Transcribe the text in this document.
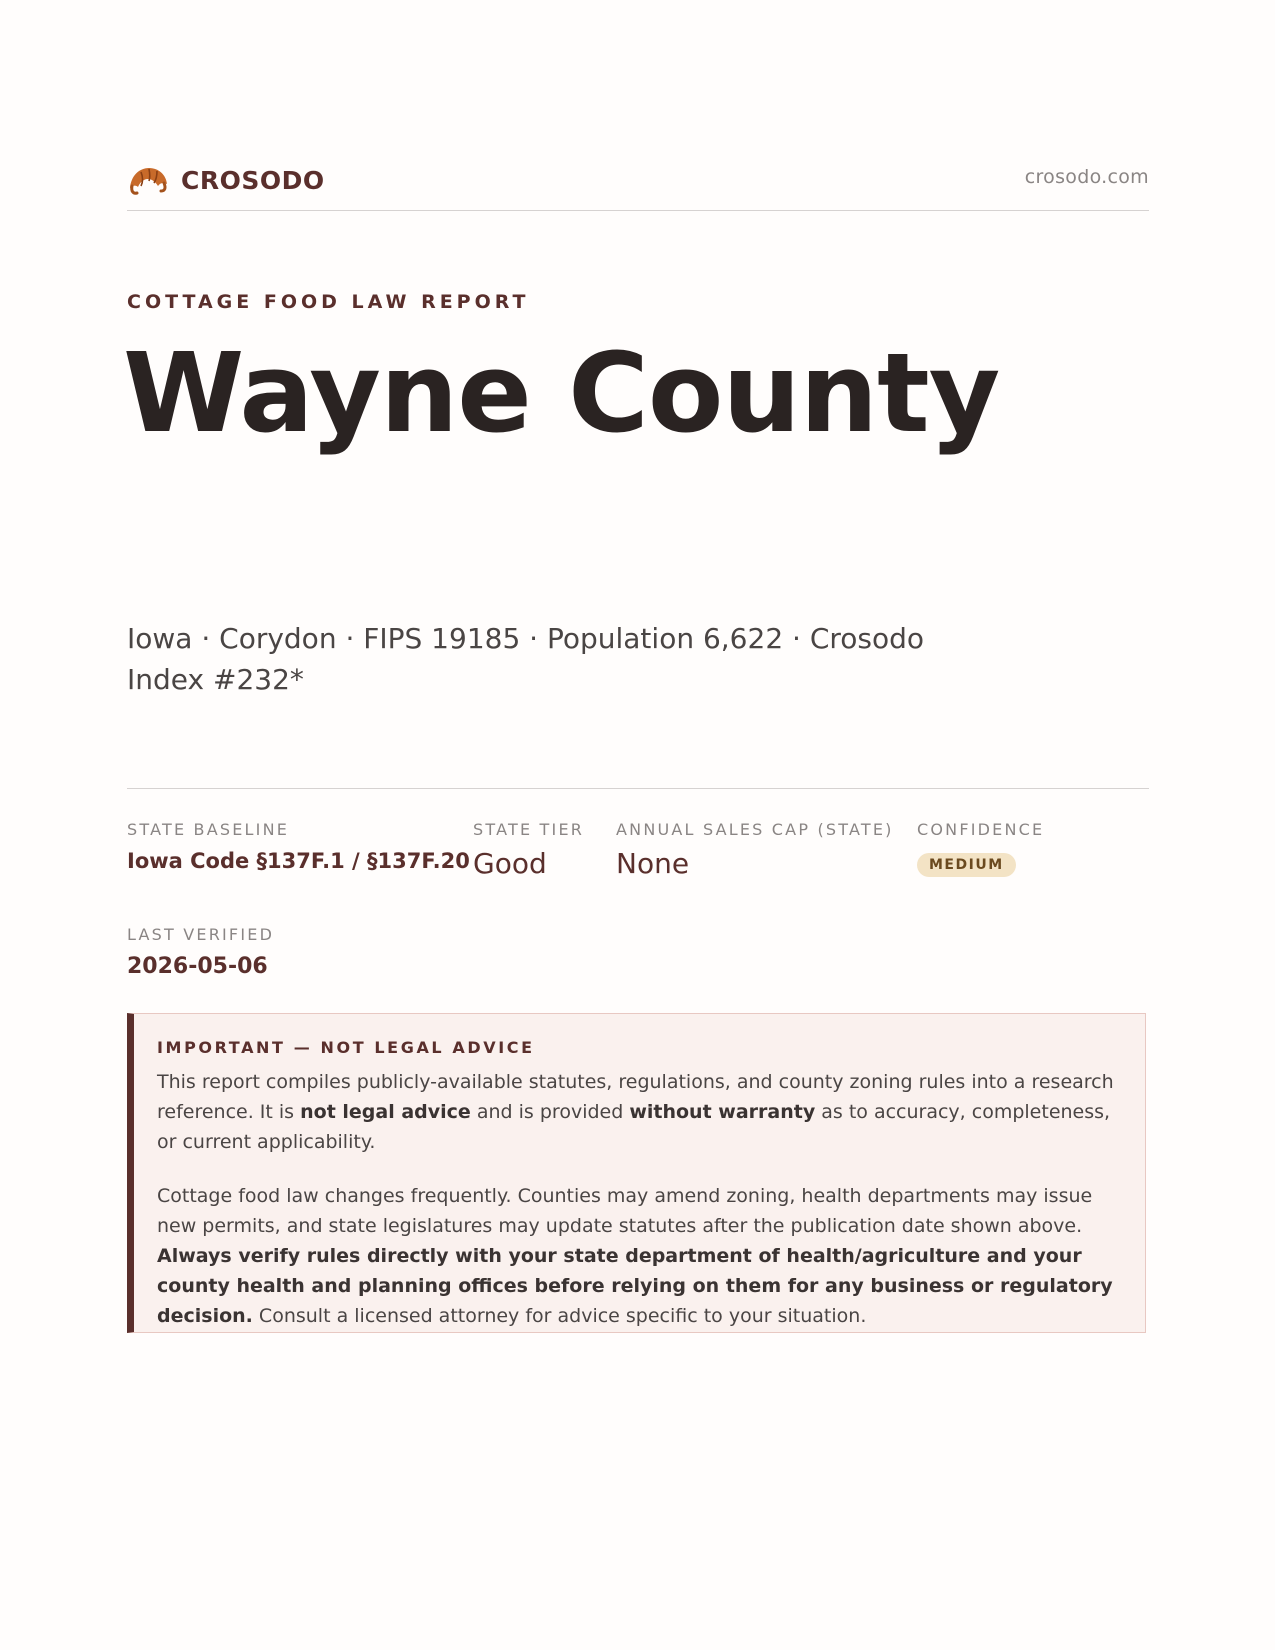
CROSODO	crosodo.com
COTTAGE FOOD LAW REPORT
Wayne County
Iowa · Corydon · FIPS 19185 · Population 6,622 · Crosodo Index #232*
STATE BASELINE
Iowa Code §137F.1 / §137F.20
STATE TIER
Good
ANNUAL SALES CAP (STATE)
None
CONFIDENCE
MEDIUM
LAST VERIFIED
2026-05-06
IMPORTANT — NOT LEGAL ADVICE

This report compiles publicly-available statutes, regulations, and county zoning rules into a research reference. It is not legal advice and is provided without warranty as to accuracy, completeness, or current applicability.

Cottage food law changes frequently. Counties may amend zoning, health departments may issue new permits, and state legislatures may update statutes after the publication date shown above. Always verify rules directly with your state department of health/agriculture and your county health and planning offices before relying on them for any business or regulatory decision. Consult a licensed attorney for advice specific to your situation.
